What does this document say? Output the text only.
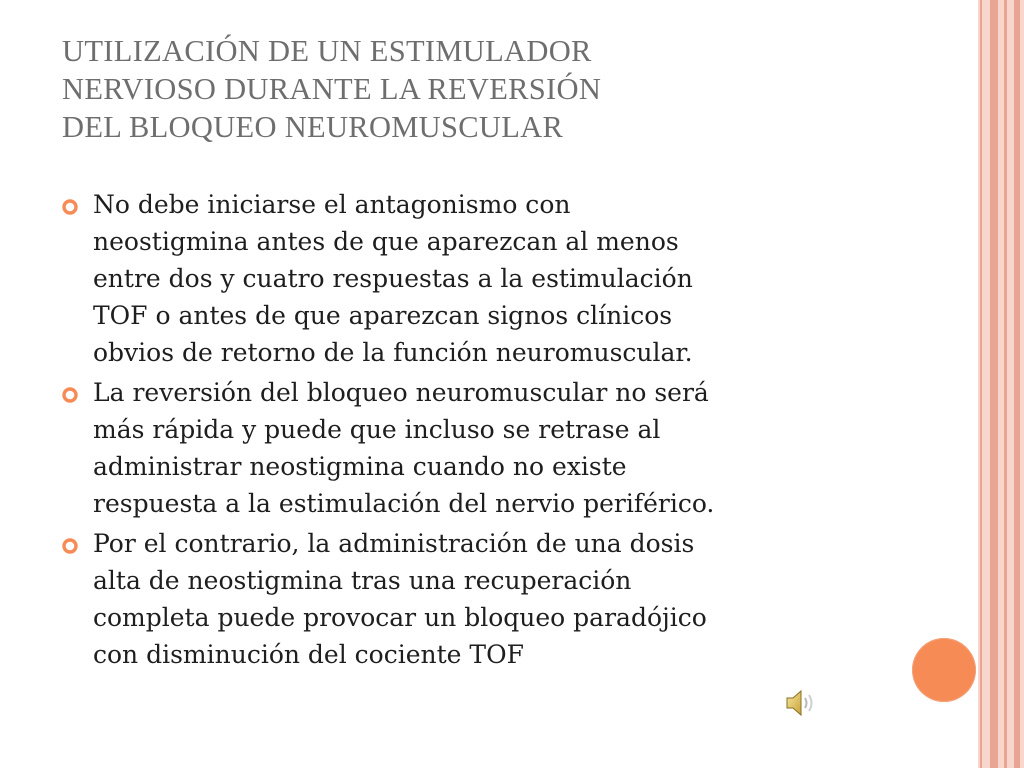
UTILIZACIÓN DE UN ESTIMULADOR
NERVIOSO DURANTE LA REVERSIÓN
DEL BLOQUEO NEUROMUSCULAR
No debe iniciarse el antagonismo con
neostigmina antes de que aparezcan al menos
entre dos y cuatro respuestas a la estimulación
TOF o antes de que aparezcan signos clínicos
obvios de retorno de la función neuromuscular.
La reversión del bloqueo neuromuscular no será
más rápida y puede que incluso se retrase al
administrar neostigmina cuando no existe
respuesta a la estimulación del nervio periférico.
Por el contrario, la administración de una dosis
alta de neostigmina tras una recuperación
completa puede provocar un bloqueo paradójico
con disminución del cociente TOF
